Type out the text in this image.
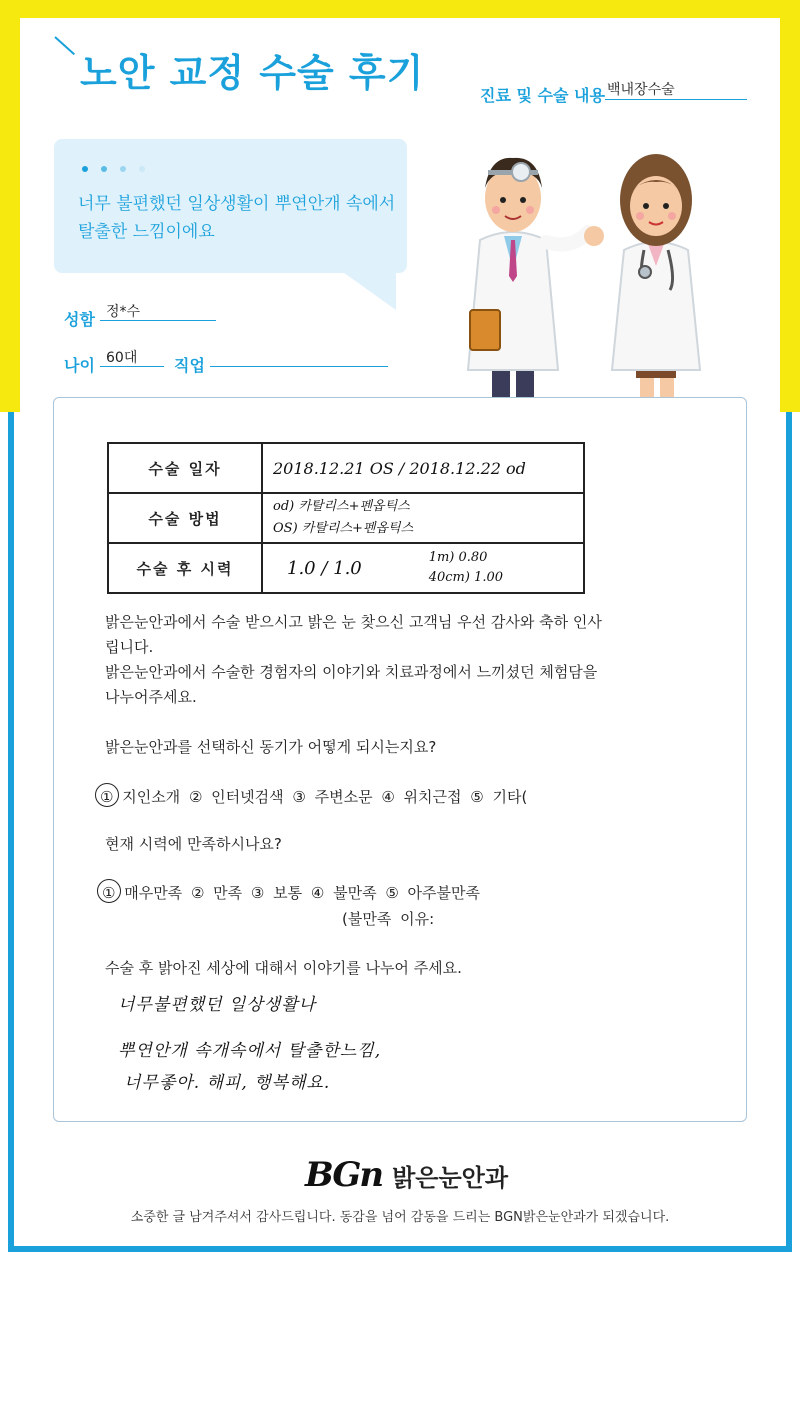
노안 교정 수술 후기
진료 및 수술 내용 백내장수술
너무 불편했던 일상생활이 뿌연안개 속에서
탈출한 느낌이에요
성함 정*수
나이 60대	직업
수술 일자	2018.12.21 OS / 2018.12.22 od
수술 방법	od) 카탈리스+펜옵틱스
OS) 카탈리스+펜옵틱스

수술 후 시력	1.0 / 1.0 1m) 0.80
40cm) 1.00
밝은눈안과에서 수술 받으시고 밝은 눈 찾으신 고객님 우선 감사와 축하 인사
립니다.
밝은눈안과에서 수술한 경험자의 이야기와 치료과정에서 느끼셨던 체험담을
나누어주세요.
밝은눈안과를 선택하신 동기가 어떻게 되시는지요?
① 지인소개 ② 인터넷검색 ③ 주변소문 ④ 위치근접 ⑤ 기타(
현재 시력에 만족하시나요?
① 매우만족 ② 만족 ③ 보통 ④ 불만족 ⑤ 아주불만족
(불만족 이유:
수술 후 밝아진 세상에 대해서 이야기를 나누어 주세요.
너무불편했던 일상생활나
뿌연안개 속개속에서 탈출한느낌,
너무좋아. 해피, 행복해요.
BGn 밝은눈안과
소중한 글 남겨주셔서 감사드립니다. 동감을 넘어 감동을 드리는 BGN밝은눈안과가 되겠습니다.
